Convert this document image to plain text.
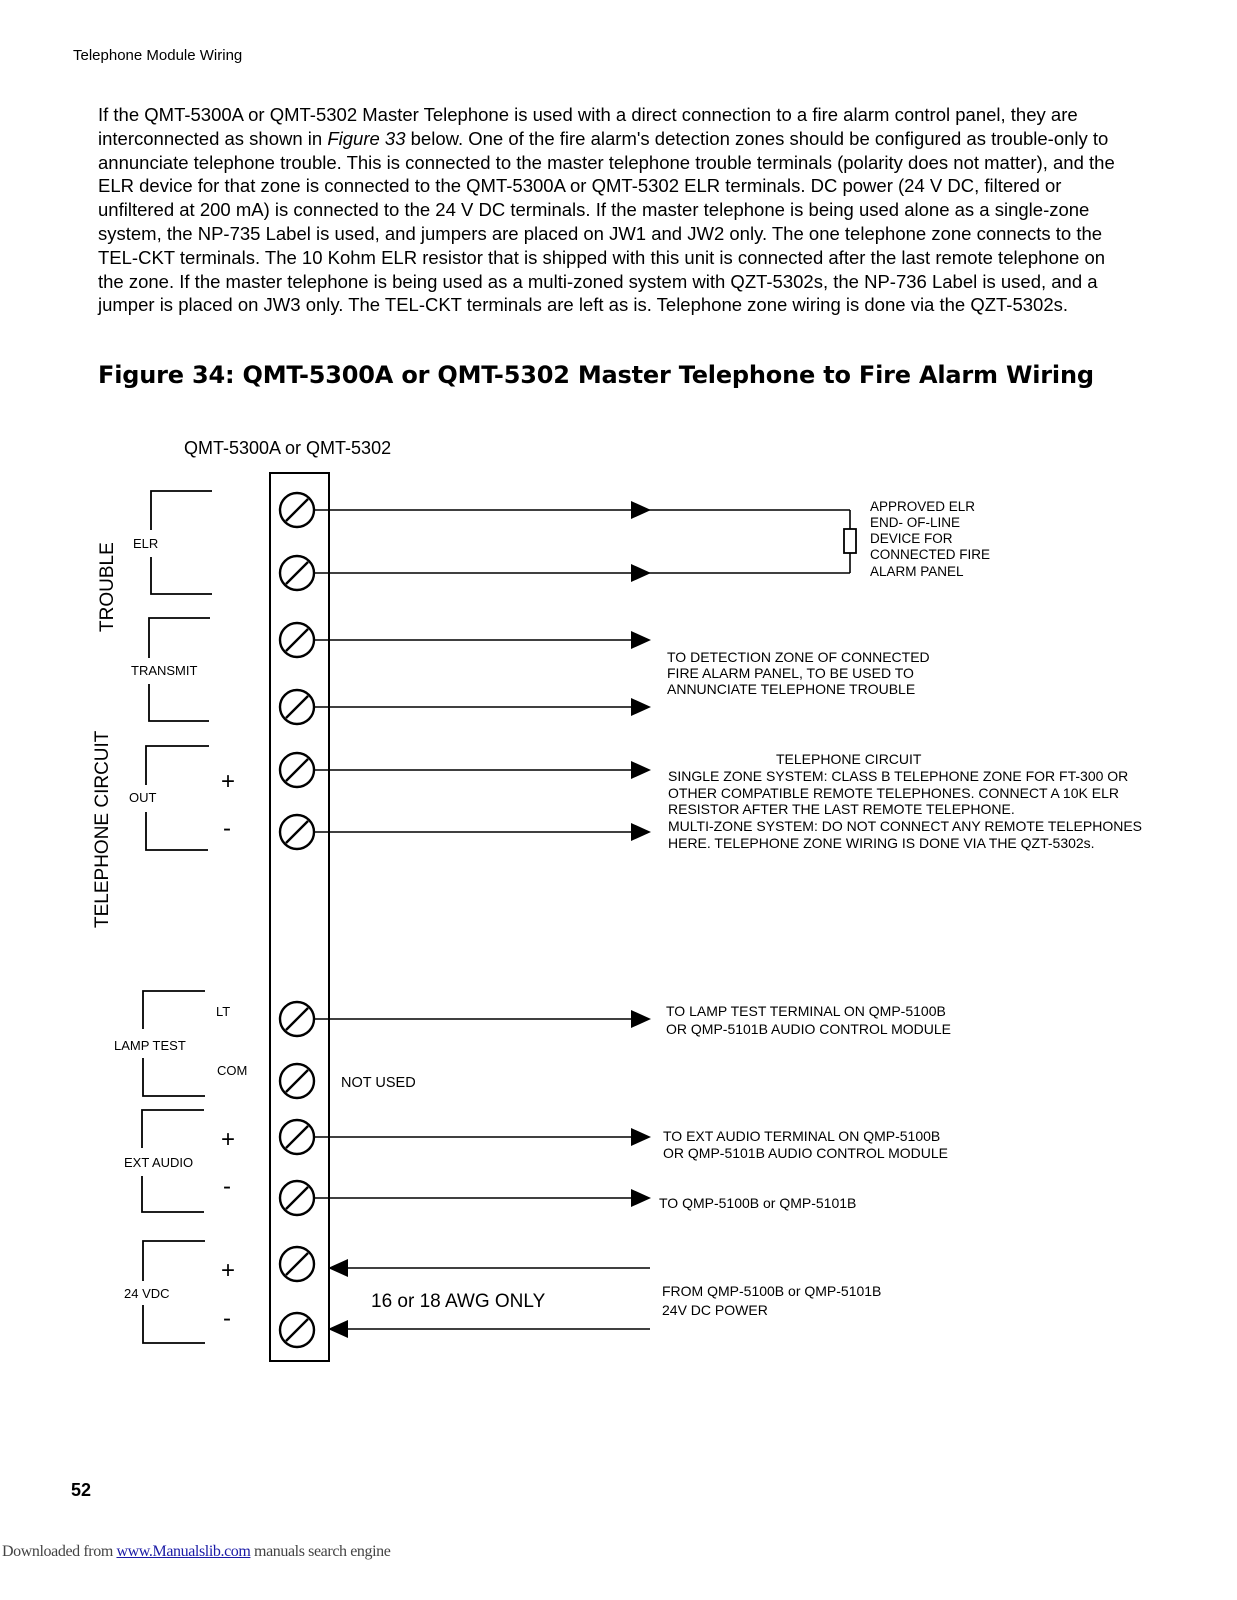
Telephone Module Wiring
If the QMT-5300A or QMT-5302 Master Telephone is used with a direct connection to a fire alarm control panel, they are interconnected as shown in Figure 33 below. One of the fire alarm's detection zones should be configured as trouble-only to annunciate telephone trouble. This is connected to the master telephone trouble terminals (polarity does not matter), and the ELR device for that zone is connected to the QMT-5300A or QMT-5302 ELR terminals. DC power (24 V DC, filtered or unfiltered at 200 mA) is connected to the 24 V DC terminals. If the master telephone is being used alone as a single-zone system, the NP-735 Label is used, and jumpers are placed on JW1 and JW2 only. The one telephone zone connects to the TEL-CKT terminals. The 10 Kohm ELR resistor that is shipped with this unit is connected after the last remote telephone on the zone. If the master telephone is being used as a multi-zoned system with QZT-5302s, the NP-736 Label is used, and a jumper is placed on JW3 only. The TEL-CKT terminals are left as is. Telephone zone wiring is done via the QZT-5302s.
Figure 34: QMT-5300A or QMT-5302 Master Telephone to Fire Alarm Wiring
QMT-5300A or QMT-5302
TROUBLE
TELEPHONE CIRCUIT
ELR
TRANSMIT
OUT
LAMP TEST
EXT AUDIO
24 VDC
LT
COM
+
-
+
-
+
-
APPROVED ELR
END- OF-LINE
DEVICE FOR
CONNECTED FIRE
ALARM PANEL
TO DETECTION ZONE OF CONNECTED
FIRE ALARM PANEL, TO BE USED TO
ANNUNCIATE TELEPHONE TROUBLE
TELEPHONE CIRCUIT
SINGLE ZONE SYSTEM: CLASS B TELEPHONE ZONE FOR FT-300 OR
OTHER COMPATIBLE REMOTE TELEPHONES. CONNECT A 10K ELR
RESISTOR AFTER THE LAST REMOTE TELEPHONE.
MULTI-ZONE SYSTEM: DO NOT CONNECT ANY REMOTE TELEPHONES
HERE. TELEPHONE ZONE WIRING IS DONE VIA THE QZT-5302s.
TO LAMP TEST TERMINAL ON QMP-5100B
OR QMP-5101B AUDIO CONTROL MODULE
NOT USED
TO EXT AUDIO TERMINAL ON QMP-5100B
OR QMP-5101B AUDIO CONTROL MODULE
TO QMP-5100B or QMP-5101B
16 or 18 AWG ONLY	FROM QMP-5100B or QMP-5101B
24V DC POWER
52
Downloaded from www.Manualslib.com manuals search engine
